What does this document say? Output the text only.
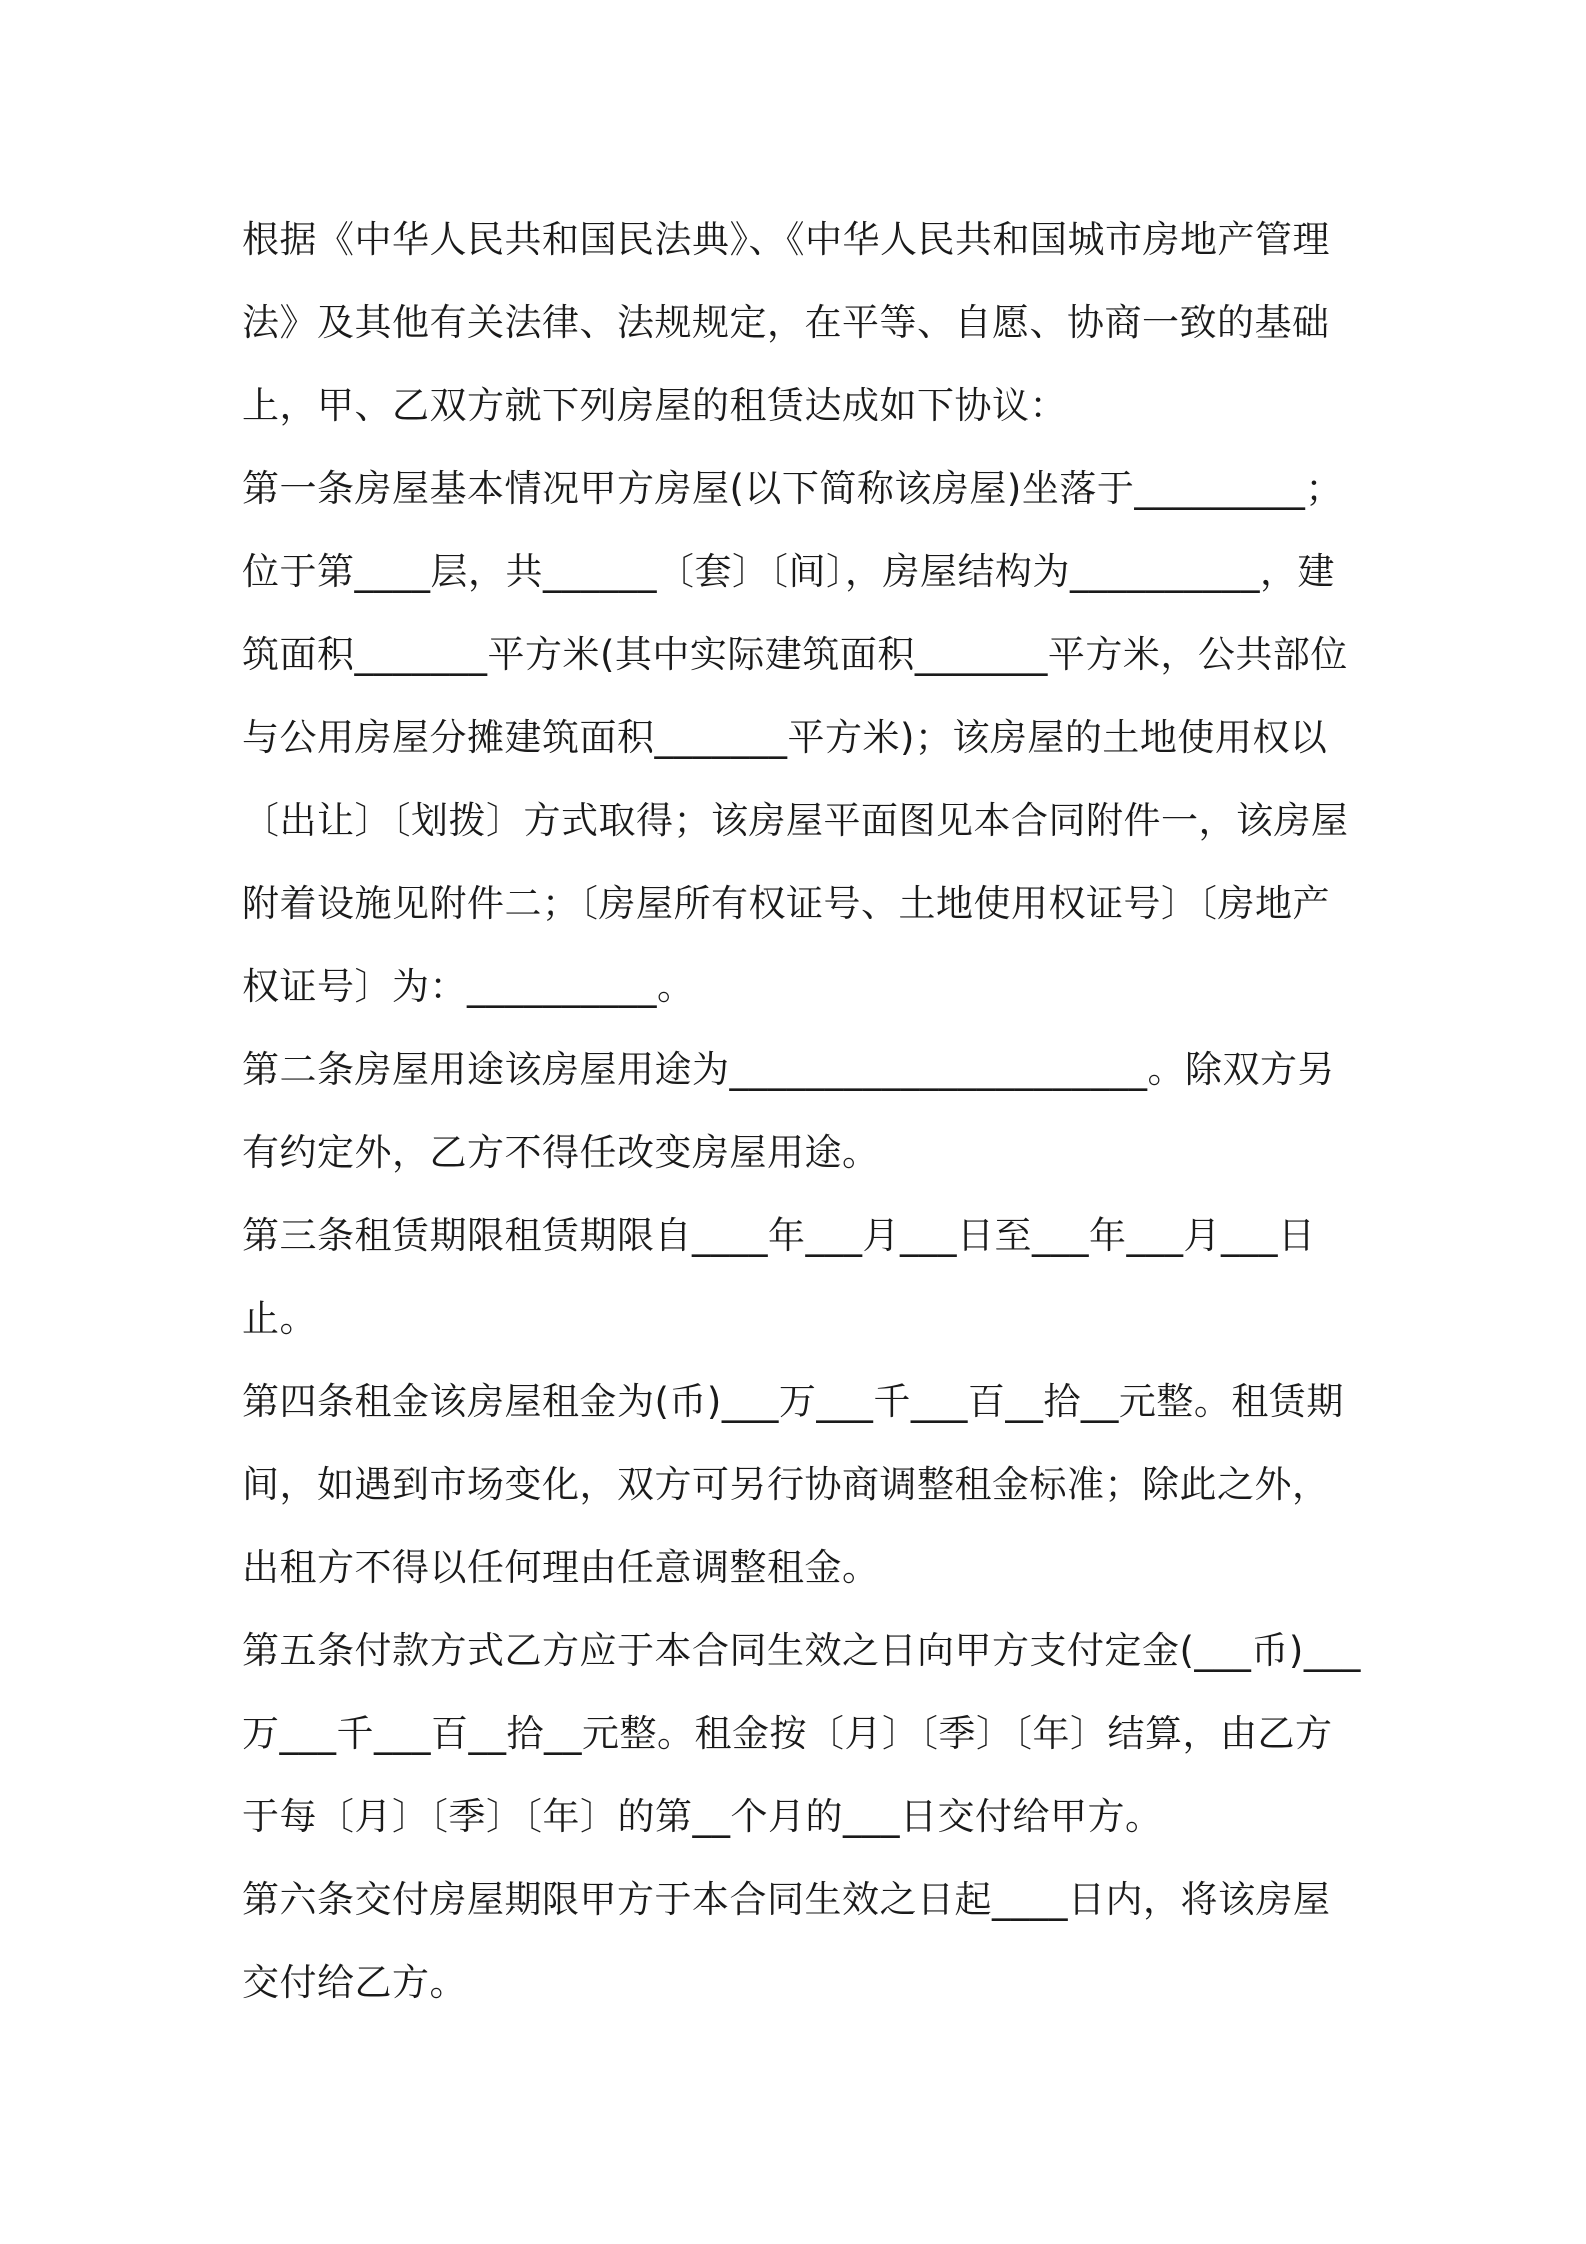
根据《中华人民共和国民法典》、《中华人民共和国城市房地产管理法》及其他有关法律、法规规定，在平等、自愿、协商一致的基础上，甲、乙双方就下列房屋的租赁达成如下协议：

第一条房屋基本情况甲方房屋(以下简称该房屋)坐落于_________；位于第____层，共______〔套〕〔间〕，房屋结构为__________，建筑面积_______平方米(其中实际建筑面积_______平方米，公共部位与公用房屋分摊建筑面积_______平方米)；该房屋的土地使用权以〔出让〕〔划拨〕方式取得；该房屋平面图见本合同附件一，该房屋附着设施见附件二；〔房屋所有权证号、土地使用权证号〕〔房地产权证号〕为：__________。

第二条房屋用途该房屋用途为______________________。除双方另有约定外，乙方不得任改变房屋用途。

第三条租赁期限租赁期限自____年___月___日至___年___月___日止。

第四条租金该房屋租金为(币)___万___千___百__拾__元整。租赁期间，如遇到市场变化，双方可另行协商调整租金标准；除此之外，出租方不得以任何理由任意调整租金。

第五条付款方式乙方应于本合同生效之日向甲方支付定金(___币)___万___千___百__拾__元整。租金按〔月〕〔季〕〔年〕结算，由乙方于每〔月〕〔季〕〔年〕的第__个月的___日交付给甲方。

第六条交付房屋期限甲方于本合同生效之日起____日内，将该房屋交付给乙方。
